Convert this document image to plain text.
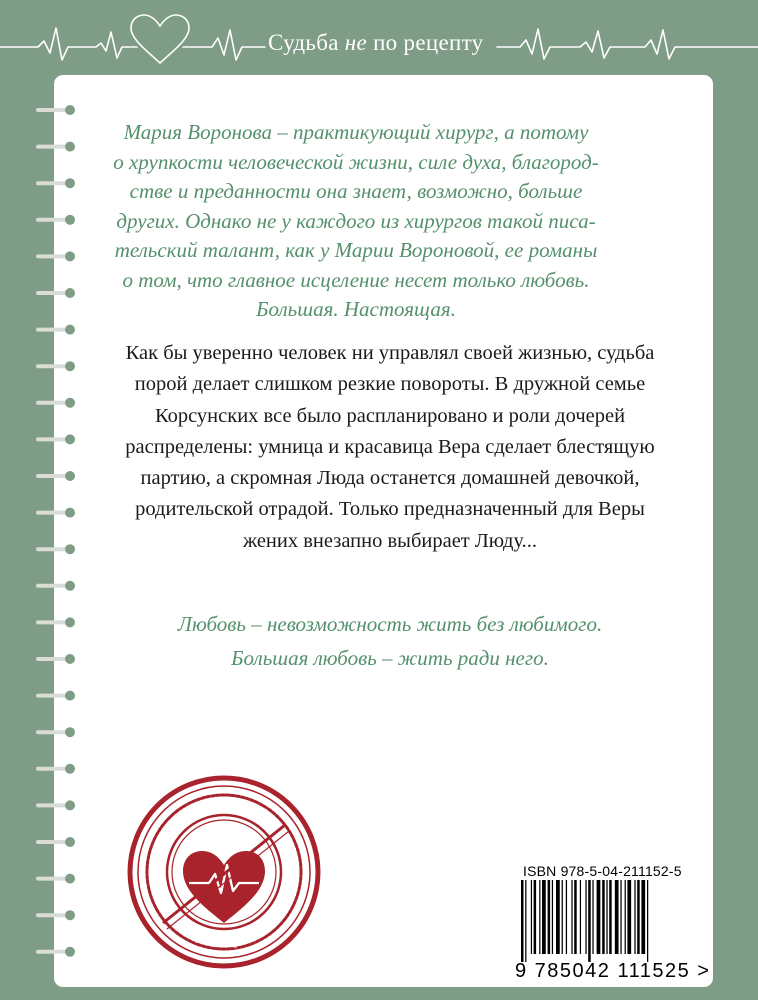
Судьба не по рецепту

Мария Воронова – практикующий хирург, а потому
о хрупкости человеческой жизни, силе духа, благород-
стве и преданности она знает, возможно, больше
других. Однако не у каждого из хирургов такой писа-
тельский талант, как у Марии Вороновой, ее романы
о том, что главное исцеление несет только любовь.
Большая. Настоящая.

Как бы уверенно человек ни управлял своей жизнью, судьба
порой делает слишком резкие повороты. В дружной семье
Корсунских все было распланировано и роли дочерей
распределены: умница и красавица Вера сделает блестящую
партию, а скромная Люда останется домашней девочкой,
родительской отрадой. Только предназначенный для Веры
жених внезапно выбирает Люду...

Любовь – невозможность жить без любимого.
Большая любовь – жить ради него.

ISBN 978-5-04-211152-5
9 785042 111525 >
